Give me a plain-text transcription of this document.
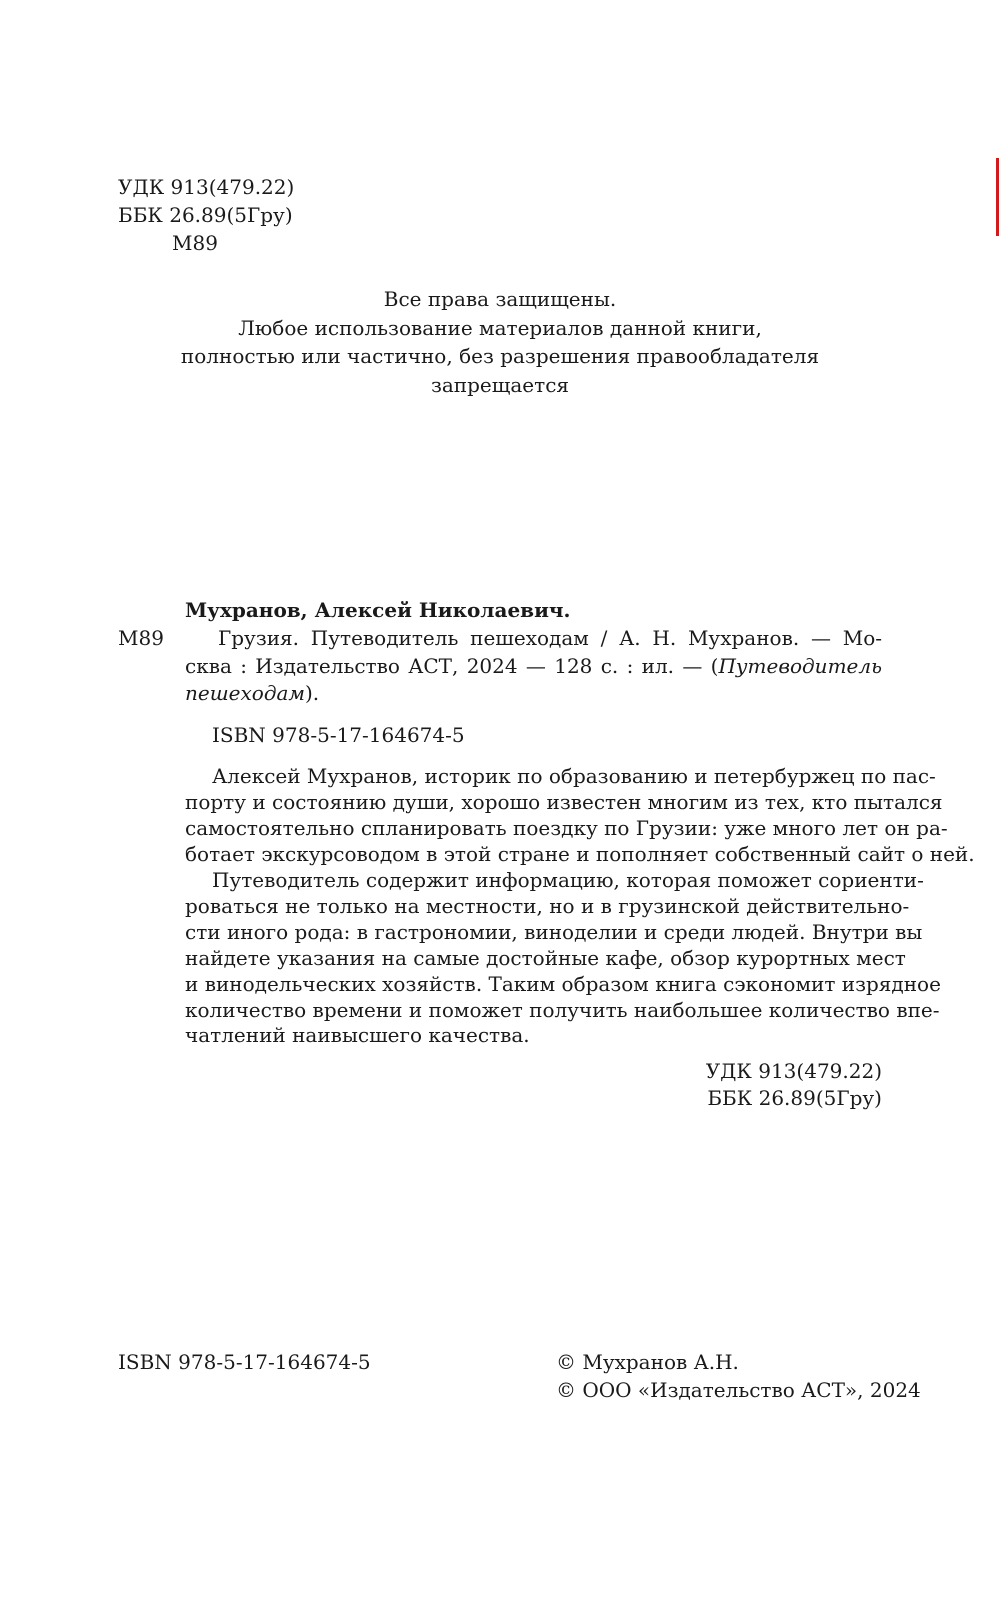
УДК 913(479.22)
ББК 26.89(5Гру)
М89
Все права защищены.
Любое использование материалов данной книги,
полностью или частично, без разрешения правообладателя
запрещается
Мухранов, Алексей Николаевич.
М89	Грузия. Путеводитель пешеходам / А. Н. Мухранов. — Мо-
сква : Издательство АСТ, 2024 — 128 с. : ил. — (Путеводитель
пешеходам).
ISBN 978-5-17-164674-5
Алексей Мухранов, историк по образованию и петербуржец по пас-
порту и состоянию души, хорошо известен многим из тех, кто пытался
самостоятельно спланировать поездку по Грузии: уже много лет он ра-
ботает экскурсоводом в этой стране и пополняет собственный сайт о ней.
Путеводитель содержит информацию, которая поможет сориенти-
роваться не только на местности, но и в грузинской действительно-
сти иного рода: в гастрономии, виноделии и среди людей. Внутри вы
найдете указания на самые достойные кафе, обзор курортных мест
и винодельческих хозяйств. Таким образом книга сэкономит изрядное
количество времени и поможет получить наибольшее количество впе-
чатлений наивысшего качества.
УДК 913(479.22)
ББК 26.89(5Гру)
ISBN 978-5-17-164674-5	© Мухранов А.Н.
© ООО «Издательство АСТ», 2024
